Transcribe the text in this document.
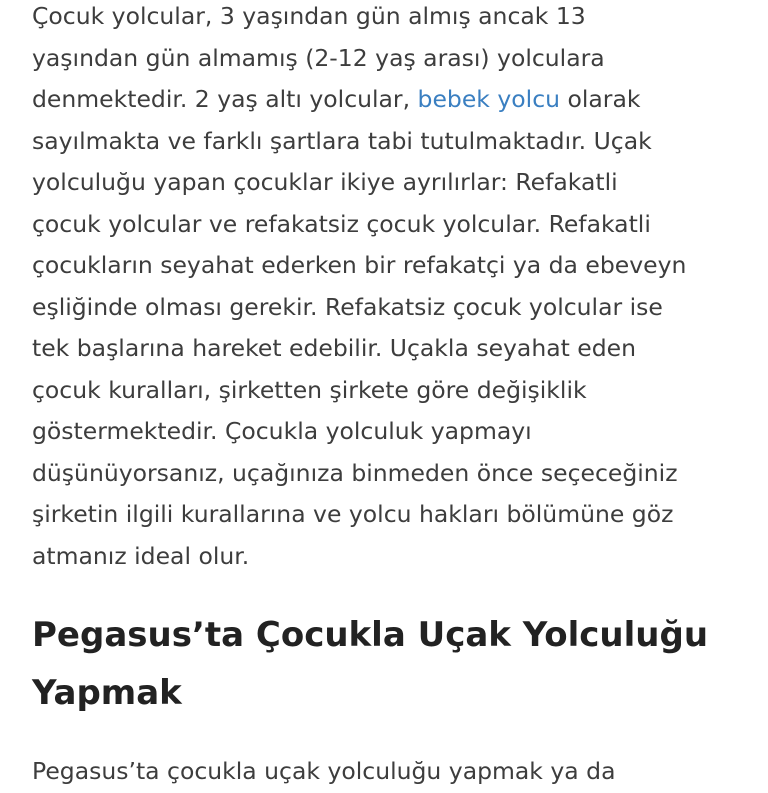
Çocuk yolcular, 3 yaşından gün almış ancak 13
yaşından gün almamış (2-12 yaş arası) yolculara
denmektedir. 2 yaş altı yolcular, bebek yolcu olarak
sayılmakta ve farklı şartlara tabi tutulmaktadır. Uçak
yolculuğu yapan çocuklar ikiye ayrılırlar: Refakatli
çocuk yolcular ve refakatsiz çocuk yolcular. Refakatli
çocukların seyahat ederken bir refakatçi ya da ebeveyn
eşliğinde olması gerekir. Refakatsiz çocuk yolcular ise
tek başlarına hareket edebilir. Uçakla seyahat eden
çocuk kuralları, şirketten şirkete göre değişiklik
göstermektedir. Çocukla yolculuk yapmayı
düşünüyorsanız, uçağınıza binmeden önce seçeceğiniz
şirketin ilgili kurallarına ve yolcu hakları bölümüne göz
atmanız ideal olur.

Pegasus’ta Çocukla Uçak Yolculuğu
Yapmak

Pegasus’ta çocukla uçak yolculuğu yapmak ya da
